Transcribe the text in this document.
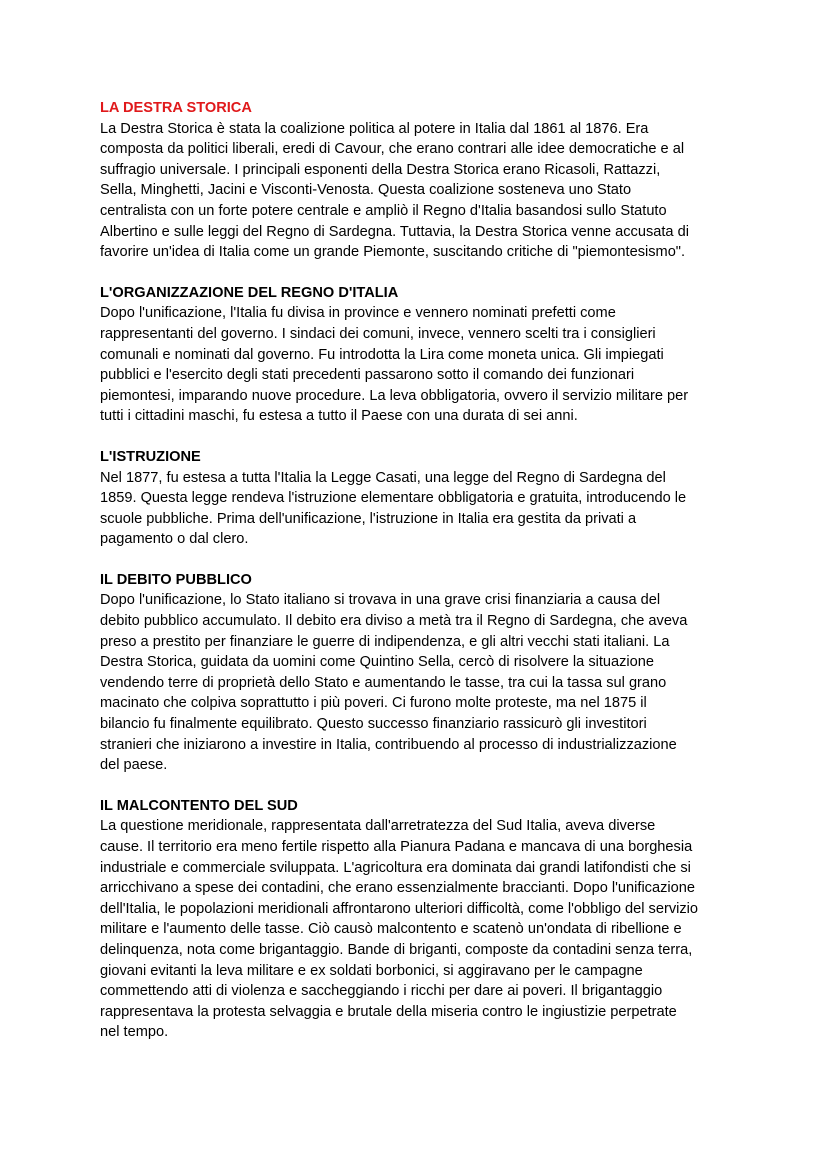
LA DESTRA STORICA

La Destra Storica è stata la coalizione politica al potere in Italia dal 1861 al 1876. Era
composta da politici liberali, eredi di Cavour, che erano contrari alle idee democratiche e al
suffragio universale. I principali esponenti della Destra Storica erano Ricasoli, Rattazzi,
Sella, Minghetti, Jacini e Visconti-Venosta. Questa coalizione sosteneva uno Stato
centralista con un forte potere centrale e ampliò il Regno d'Italia basandosi sullo Statuto
Albertino e sulle leggi del Regno di Sardegna. Tuttavia, la Destra Storica venne accusata di
favorire un'idea di Italia come un grande Piemonte, suscitando critiche di "piemontesismo".

L'ORGANIZZAZIONE DEL REGNO D'ITALIA

Dopo l'unificazione, l'Italia fu divisa in province e vennero nominati prefetti come
rappresentanti del governo. I sindaci dei comuni, invece, vennero scelti tra i consiglieri
comunali e nominati dal governo. Fu introdotta la Lira come moneta unica. Gli impiegati
pubblici e l'esercito degli stati precedenti passarono sotto il comando dei funzionari
piemontesi, imparando nuove procedure. La leva obbligatoria, ovvero il servizio militare per
tutti i cittadini maschi, fu estesa a tutto il Paese con una durata di sei anni.

L'ISTRUZIONE

Nel 1877, fu estesa a tutta l'Italia la Legge Casati, una legge del Regno di Sardegna del
1859. Questa legge rendeva l'istruzione elementare obbligatoria e gratuita, introducendo le
scuole pubbliche. Prima dell'unificazione, l'istruzione in Italia era gestita da privati a
pagamento o dal clero.

IL DEBITO PUBBLICO

Dopo l'unificazione, lo Stato italiano si trovava in una grave crisi finanziaria a causa del
debito pubblico accumulato. Il debito era diviso a metà tra il Regno di Sardegna, che aveva
preso a prestito per finanziare le guerre di indipendenza, e gli altri vecchi stati italiani. La
Destra Storica, guidata da uomini come Quintino Sella, cercò di risolvere la situazione
vendendo terre di proprietà dello Stato e aumentando le tasse, tra cui la tassa sul grano
macinato che colpiva soprattutto i più poveri. Ci furono molte proteste, ma nel 1875 il
bilancio fu finalmente equilibrato. Questo successo finanziario rassicurò gli investitori
stranieri che iniziarono a investire in Italia, contribuendo al processo di industrializzazione
del paese.

IL MALCONTENTO DEL SUD

La questione meridionale, rappresentata dall'arretratezza del Sud Italia, aveva diverse
cause. Il territorio era meno fertile rispetto alla Pianura Padana e mancava di una borghesia
industriale e commerciale sviluppata. L'agricoltura era dominata dai grandi latifondisti che si
arricchivano a spese dei contadini, che erano essenzialmente braccianti. Dopo l'unificazione
dell'Italia, le popolazioni meridionali affrontarono ulteriori difficoltà, come l'obbligo del servizio
militare e l'aumento delle tasse. Ciò causò malcontento e scatenò un'ondata di ribellione e
delinquenza, nota come brigantaggio. Bande di briganti, composte da contadini senza terra,
giovani evitanti la leva militare e ex soldati borbonici, si aggiravano per le campagne
commettendo atti di violenza e saccheggiando i ricchi per dare ai poveri. Il brigantaggio
rappresentava la protesta selvaggia e brutale della miseria contro le ingiustizie perpetrate
nel tempo.
